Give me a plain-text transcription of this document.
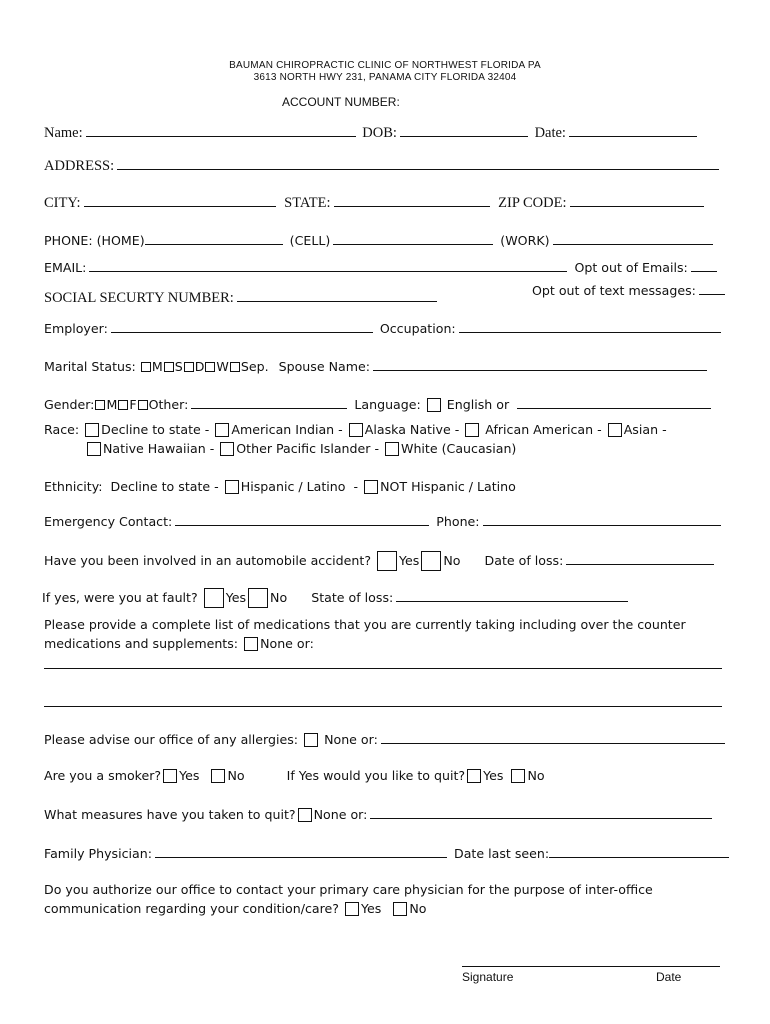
BAUMAN CHIROPRACTIC CLINIC OF NORTHWEST FLORIDA PA
3613 NORTH HWY 231, PANAMA CITY FLORIDA 32404
ACCOUNT NUMBER:
Name:	DOB:	Date:
ADDRESS:
CITY:	STATE:	ZIP CODE:
PHONE: (HOME)	(CELL)	(WORK)
EMAIL:	Opt out of Emails:
SOCIAL SECURTY NUMBER:	Opt out of text messages:
Employer:	Occupation:
Marital Status: M S D W Sep. Spouse Name:
Gender: M F Other:	Language: English or
Race: Decline to state - American Indian - Alaska Native -  African American - Asian -
Native Hawaiian - Other Pacific Islander - White (Caucasian)
Ethnicity: Decline to state - Hispanic / Latino  - NOT Hispanic / Latino
Emergency Contact:	Phone:
Have you been involved in an automobile accident? Yes No Date of loss:
If yes, were you at fault? Yes No State of loss:
Please provide a complete list of medications that you are currently taking including over the counter
medications and supplements: None or:
Please advise our office of any allergies: None or:
Are you a smoker? Yes No	If Yes would you like to quit? Yes No
What measures have you taken to quit? None or:
Family Physician:	Date last seen:
Do you authorize our office to contact your primary care physician for the purpose of inter-office
communication regarding your condition/care? Yes No
Signature	Date
